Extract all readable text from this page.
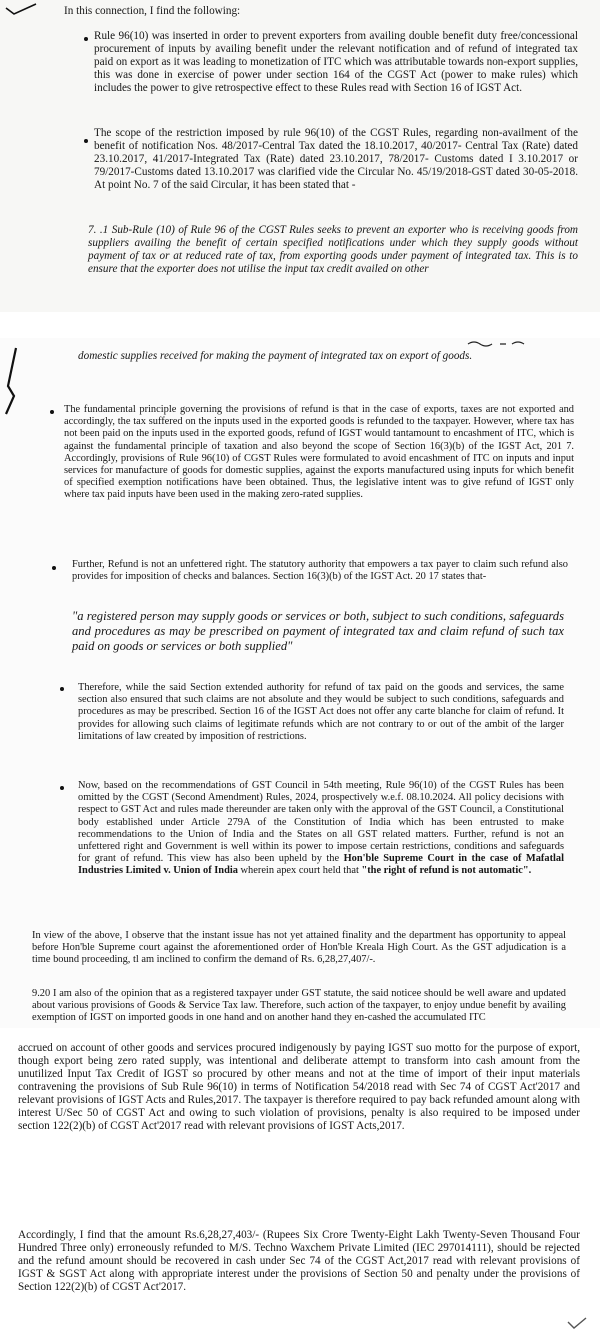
In this connection, I find the following:
Rule 96(10) was inserted in order to prevent exporters from availing double benefit duty free/concessional procurement of inputs by availing benefit under the relevant notification and of refund of integrated tax paid on export as it was leading to monetization of ITC which was attributable towards non-export supplies, this was done in exercise of power under section 164 of the CGST Act (power to make rules) which includes the power to give retrospective effect to these Rules read with Section 16 of IGST Act.
The scope of the restriction imposed by rule 96(10) of the CGST Rules, regarding non-availment of the benefit of notification Nos. 48/2017-Central Tax dated the 18.10.2017, 40/2017- Central Tax (Rate) dated 23.10.2017, 41/2017-Integrated Tax (Rate) dated 23.10.2017, 78/2017- Customs dated I 3.10.2017 or 79/2017-Customs dated 13.10.2017 was clarified vide the Circular No. 45/19/2018-GST dated 30-05-2018. At point No. 7 of the said Circular, it has been stated that -
7. .1 Sub-Rule (10) of Rule 96 of the CGST Rules seeks to prevent an exporter who is receiving goods from suppliers availing the benefit of certain specified notifications under which they supply goods without payment of tax or at reduced rate of tax, from exporting goods under payment of integrated tax. This is to ensure that the exporter does not utilise the input tax credit availed on other
domestic supplies received for making the payment of integrated tax on export of goods.
The fundamental principle governing the provisions of refund is that in the case of exports, taxes are not exported and accordingly, the tax suffered on the inputs used in the exported goods is refunded to the taxpayer. However, where tax has not been paid on the inputs used in the exported goods, refund of IGST would tantamount to encashment of ITC, which is against the fundamental principle of taxation and also beyond the scope of Section 16(3)(b) of the IGST Act, 201 7. Accordingly, provisions of Rule 96(10) of CGST Rules were formulated to avoid encashment of ITC on inputs and input services for manufacture of goods for domestic supplies, against the exports manufactured using inputs for which benefit of specified exemption notifications have been obtained. Thus, the legislative intent was to give refund of IGST only where tax paid inputs have been used in the making zero-rated supplies.
Further, Refund is not an unfettered right. The statutory authority that empowers a tax payer to claim such refund also provides for imposition of checks and balances. Section 16(3)(b) of the IGST Act. 20 17 states that-
"a registered person may supply goods or services or both, subject to such conditions, safeguards and procedures as may be prescribed on payment of integrated tax and claim refund of such tax paid on goods or services or both supplied"
Therefore, while the said Section extended authority for refund of tax paid on the goods and services, the same section also ensured that such claims are not absolute and they would be subject to such conditions, safeguards and procedures as may be prescribed. Section 16 of the IGST Act does not offer any carte blanche for claim of refund. It provides for allowing such claims of legitimate refunds which are not contrary to or out of the ambit of the larger limitations of law created by imposition of restrictions.
Now, based on the recommendations of GST Council in 54th meeting, Rule 96(10) of the CGST Rules has been omitted by the CGST (Second Amendment) Rules, 2024, prospectively w.e.f. 08.10.2024. All policy decisions with respect to GST Act and rules made thereunder are taken only with the approval of the GST Council, a Constitutional body established under Article 279A of the Constitution of India which has been entrusted to make recommendations to the Union of India and the States on all GST related matters. Further, refund is not an unfettered right and Government is well within its power to impose certain restrictions, conditions and safeguards for grant of refund. This view has also been upheld by the Hon'ble Supreme Court in the case of Mafatlal Industries Limited v. Union of India wherein apex court held that "the right of refund is not automatic".
In view of the above, I observe that the instant issue has not yet attained finality and the department has opportunity to appeal before Hon'ble Supreme court against the aforementioned order of Hon'ble Kreala High Court. As the GST adjudication is a time bound proceeding, tl am inclined to confirm the demand of Rs. 6,28,27,407/-.
9.20 I am also of the opinion that as a registered taxpayer under GST statute, the said noticee should be well aware and updated about various provisions of Goods & Service Tax law. Therefore, such action of the taxpayer, to enjoy undue benefit by availing exemption of IGST on imported goods in one hand and on another hand they en-cashed the accumulated ITC
accrued on account of other goods and services procured indigenously by paying IGST suo motto for the purpose of export, though export being zero rated supply, was intentional and deliberate attempt to transform into cash amount from the unutilized Input Tax Credit of IGST so procured by other means and not at the time of import of their input materials contravening the provisions of Sub Rule 96(10) in terms of Notification 54/2018 read with Sec 74 of CGST Act'2017 and relevant provisions of IGST Acts and Rules,2017. The taxpayer is therefore required to pay back refunded amount along with interest U/Sec 50 of CGST Act and owing to such violation of provisions, penalty is also required to be imposed under section 122(2)(b) of CGST Act'2017 read with relevant provisions of IGST Acts,2017.
Accordingly, I find that the amount Rs.6,28,27,403/- (Rupees Six Crore Twenty-Eight Lakh Twenty-Seven Thousand Four Hundred Three only) erroneously refunded to M/S. Techno Waxchem Private Limited (IEC 297014111), should be rejected and the refund amount should be recovered in cash under Sec 74 of the CGST Act,2017 read with relevant provisions of IGST & SGST Act along with appropriate interest under the provisions of Section 50 and penalty under the provisions of Section 122(2)(b) of CGST Act'2017.
